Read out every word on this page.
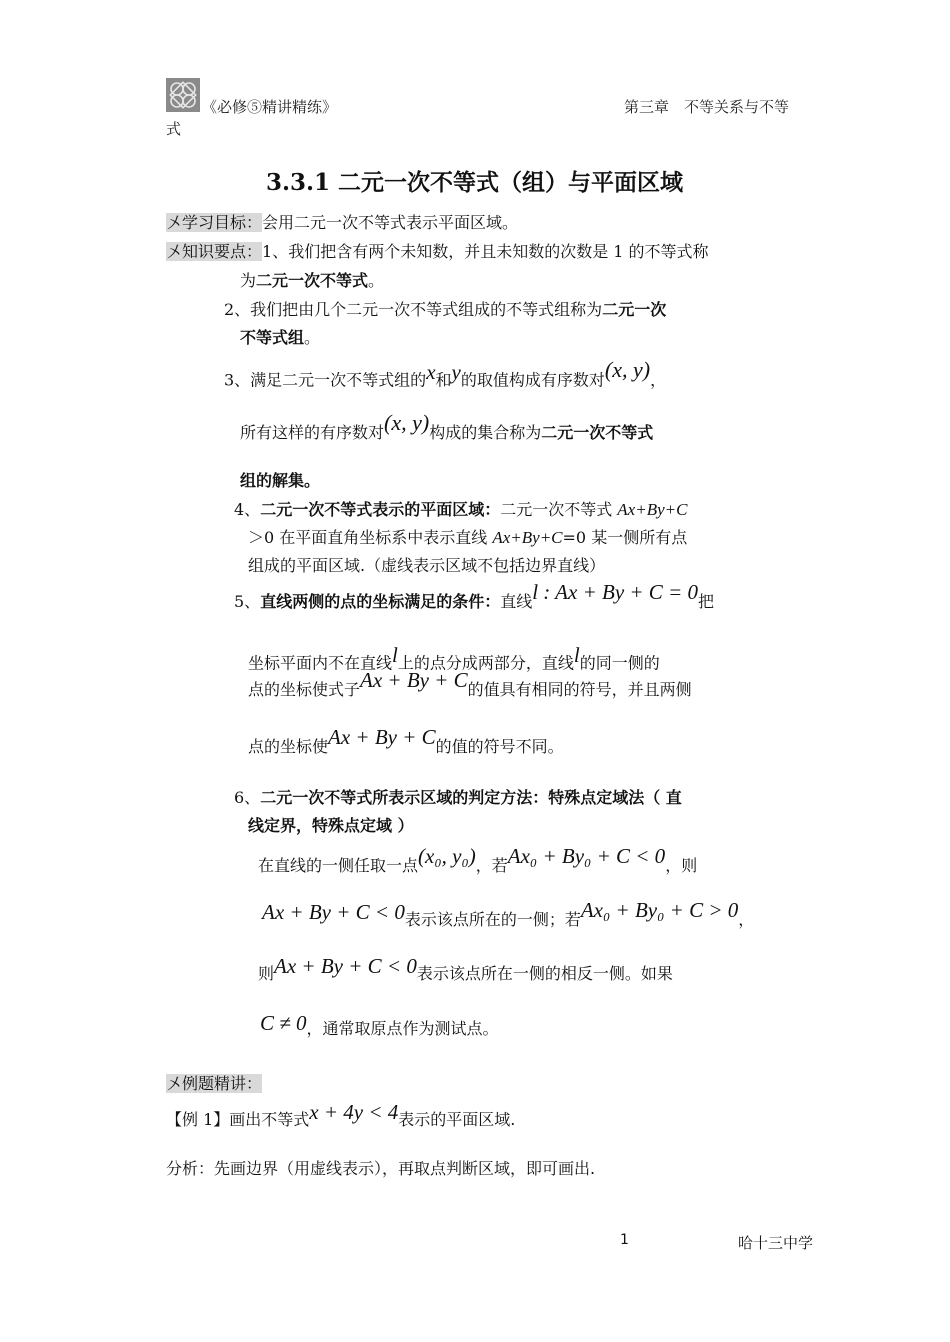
《必修⑤精讲精练》	第三章　不等关系与不等
式
3.3.1 二元一次不等式（组）与平面区域
〤学习目标：会用二元一次不等式表示平面区域。
〤知识要点：1、我们把含有两个未知数，并且未知数的次数是 1 的不等式称
为二元一次不等式。
2、我们把由几个二元一次不等式组成的不等式组称为二元一次
不等式组。
3、满足二元一次不等式组的$^x$和$^y$的取值构成有序数对(x, y)，
所有这样的有序数对(x, y)构成的集合称为二元一次不等式
组的解集。
4、二元一次不等式表示的平面区域：二元一次不等式 Ax+By+C
＞0 在平面直角坐标系中表示直线 Ax+By+C=0 某一侧所有点
组成的平面区域.（虚线表示区域不包括边界直线）
5、直线两侧的点的坐标满足的条件：直线l : Ax + By + C = 0把
坐标平面内不在直线$^l$上的点分成两部分，直线$^l$的同一侧的
点的坐标使式子Ax + By + C的值具有相同的符号，并且两侧
点的坐标使Ax + By + C的值的符号不同。
6、二元一次不等式所表示区域的判定方法：特殊点定域法（ 直
线定界，特殊点定域 ）
在直线的一侧任取一点(x₀, y₀)，若Ax₀ + By₀ + C < 0，则
Ax + By + C < 0表示该点所在的一侧；若Ax₀ + By₀ + C > 0，
则Ax + By + C < 0表示该点所在一侧的相反一侧。如果
C ≠ 0，通常取原点作为测试点。
〤例题精讲：
【例 1】画出不等式x + 4y < 4表示的平面区域.
分析：先画边界（用虚线表示），再取点判断区域，即可画出.
1	哈十三中学
